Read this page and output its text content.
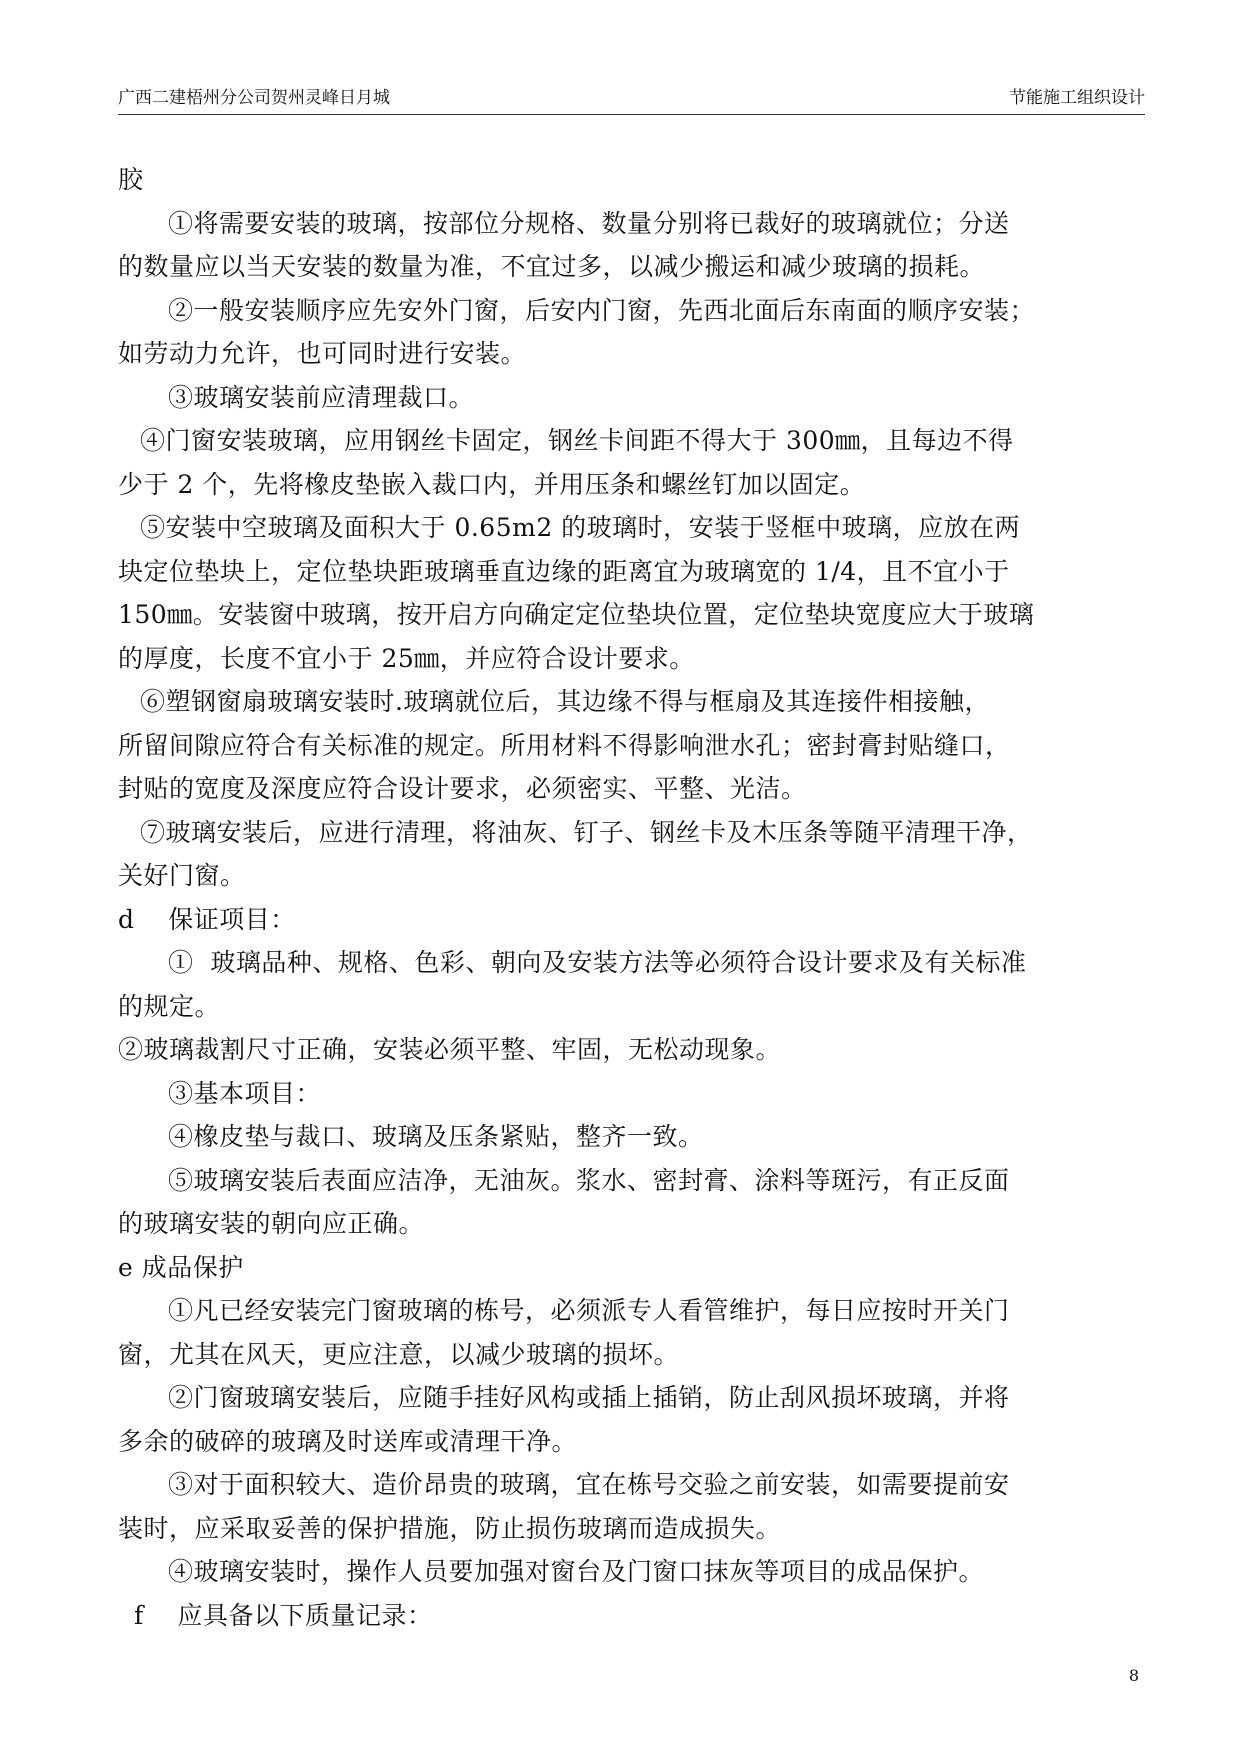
广西二建梧州分公司贺州灵峰日月城	节能施工组织设计
胶
①将需要安装的玻璃，按部位分规格、数量分别将已裁好的玻璃就位；分送
的数量应以当天安装的数量为准，不宜过多，以减少搬运和减少玻璃的损耗。
②一般安装顺序应先安外门窗，后安内门窗，先西北面后东南面的顺序安装；
如劳动力允许，也可同时进行安装。
③玻璃安装前应清理裁口。
④门窗安装玻璃，应用钢丝卡固定，钢丝卡间距不得大于 300㎜，且每边不得
少于 2 个，先将橡皮垫嵌入裁口内，并用压条和螺丝钉加以固定。
⑤安装中空玻璃及面积大于 0.65m2 的玻璃时，安装于竖框中玻璃，应放在两
块定位垫块上，定位垫块距玻璃垂直边缘的距离宜为玻璃宽的 1/4，且不宜小于
150㎜。安装窗中玻璃，按开启方向确定定位垫块位置，定位垫块宽度应大于玻璃
的厚度，长度不宜小于 25㎜，并应符合设计要求。
⑥塑钢窗扇玻璃安装时.玻璃就位后，其边缘不得与框扇及其连接件相接触，
所留间隙应符合有关标准的规定。所用材料不得影响泄水孔；密封膏封贴缝口，
封贴的宽度及深度应符合设计要求，必须密实、平整、光洁。
⑦玻璃安装后，应进行清理，将油灰、钉子、钢丝卡及木压条等随平清理干净，
关好门窗。
d    保证项目：
①  玻璃品种、规格、色彩、朝向及安装方法等必须符合设计要求及有关标准
的规定。
②玻璃裁割尺寸正确，安装必须平整、牢固，无松动现象。
③基本项目：
④橡皮垫与裁口、玻璃及压条紧贴，整齐一致。
⑤玻璃安装后表面应洁净，无油灰。浆水、密封膏、涂料等斑污，有正反面
的玻璃安装的朝向应正确。
e 成品保护
①凡已经安装完门窗玻璃的栋号，必须派专人看管维护，每日应按时开关门
窗，尤其在风天，更应注意，以减少玻璃的损坏。
②门窗玻璃安装后，应随手挂好风构或插上插销，防止刮风损坏玻璃，并将
多余的破碎的玻璃及时送库或清理干净。
③对于面积较大、造价昂贵的玻璃，宜在栋号交验之前安装，如需要提前安
装时，应采取妥善的保护措施，防止损伤玻璃而造成损失。
④玻璃安装时，操作人员要加强对窗台及门窗口抹灰等项目的成品保护。
f    应具备以下质量记录：
8
